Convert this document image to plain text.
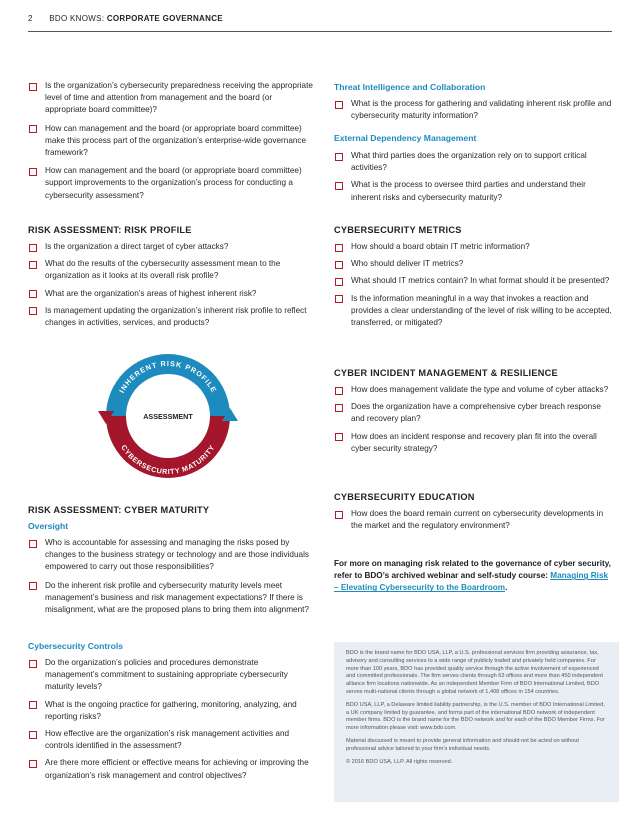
2 BDO KNOWS: CORPORATE GOVERNANCE
Is the organization’s cybersecurity preparedness receiving the appropriate level of time and attention from management and the board (or appropriate board committee)?
How can management and the board (or appropriate board committee) make this process part of the organization’s enterprise-wide governance framework?
How can management and the board (or appropriate board committee) support improvements to the organization’s process for conducting a cybersecurity assessment?
RISK ASSESSMENT: RISK PROFILE
Is the organization a direct target of cyber attacks?
What do the results of the cybersecurity assessment mean to the organization as it looks at its overall risk profile?
What are the organization’s areas of highest inherent risk?
Is management updating the organization’s inherent risk profile to reflect changes in activities, services, and products?
RISK ASSESSMENT: CYBER MATURITY
Oversight
Who is accountable for assessing and managing the risks posed by changes to the business strategy or technology and are those individuals empowered to carry out those responsibilities?
Do the inherent risk profile and cybersecurity maturity levels meet management’s business and risk management expectations? If there is misalignment, what are the proposed plans to bring them into alignment?
Cybersecurity Controls
Do the organization’s policies and procedures demonstrate management’s commitment to sustaining appropriate cybersecurity maturity levels?
What is the ongoing practice for gathering, monitoring, analyzing, and reporting risks?
How effective are the organization’s risk management activities and controls identified in the assessment?
Are there more efficient or effective means for achieving or improving the organization’s risk management and control objectives?
INHERENT RISK PROFILE
CYBERSECURITY MATURITY
ASSESSMENT
Threat Intelligence and Collaboration
What is the process for gathering and validating inherent risk profile and cybersecurity maturity information?
External Dependency Management
What third parties does the organization rely on to support critical activities?
What is the process to oversee third parties and understand their inherent risks and cybersecurity maturity?
CYBERSECURITY METRICS
How should a board obtain IT metric information?
Who should deliver IT metrics?
What should IT metrics contain? In what format should it be presented?
Is the information meaningful in a way that invokes a reaction and provides a clear understanding of the level of risk willing to be accepted, transferred, or mitigated?
CYBER INCIDENT MANAGEMENT & RESILIENCE
How does management validate the type and volume of cyber attacks?
Does the organization have a comprehensive cyber breach response and recovery plan?
How does an incident response and recovery plan fit into the overall cyber security strategy?
CYBERSECURITY EDUCATION
How does the board remain current on cybersecurity developments in the market and the regulatory environment?
For more on managing risk related to the governance of cyber security, refer to BDO’s archived webinar and self-study course: Managing Risk – Elevating Cybersecurity to the Boardroom.

BDO is the brand name for BDO USA, LLP, a U.S. professional services firm providing assurance, tax, advisory and consulting services to a wide range of publicly traded and privately held companies. For more than 100 years, BDO has provided quality service through the active involvement of experienced and committed professionals. The firm serves clients through 63 offices and more than 450 independent alliance firm locations nationwide. As an independent Member Firm of BDO International Limited, BDO serves multi-national clients through a global network of 1,408 offices in 154 countries.

BDO USA, LLP, a Delaware limited liability partnership, is the U.S. member of BDO International Limited, a UK company limited by guarantee, and forms part of the international BDO network of independent member firms. BDO is the brand name for the BDO network and for each of the BDO Member Firms. For more information please visit: www.bdo.com.

Material discussed is meant to provide general information and should not be acted on without professional advice tailored to your firm’s individual needs.

© 2016 BDO USA, LLP. All rights reserved.
